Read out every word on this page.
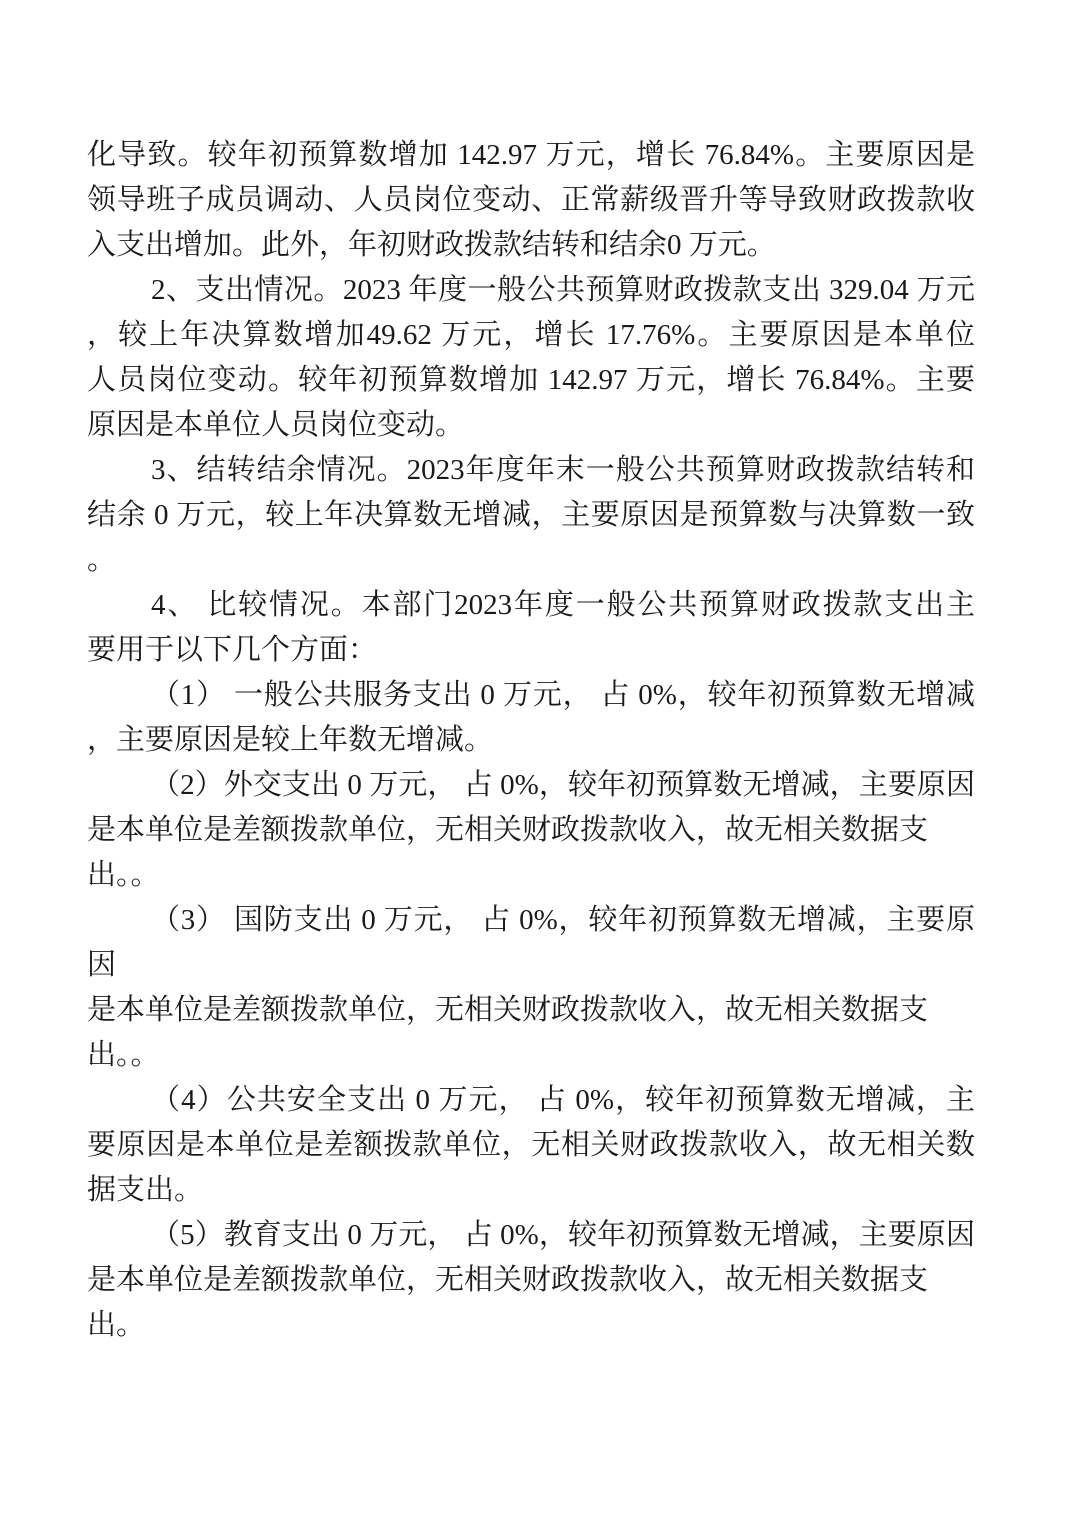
化导致。较年初预算数增加 142.97 万元，增长 76.84%。主要原因是

领导班子成员调动、人员岗位变动、正常薪级晋升等导致财政拨款收

入支出增加。此外，年初财政拨款结转和结余0 万元。

2、支出情况。2023 年度一般公共预算财政拨款支出 329.04 万元

，较上年决算数增加49.62 万元，增长 17.76%。主要原因是本单位

人员岗位变动。较年初预算数增加 142.97 万元，增长 76.84%。主要

原因是本单位人员岗位变动。

3、结转结余情况。2023年度年末一般公共预算财政拨款结转和

结余 0 万元，较上年决算数无增减，主要原因是预算数与决算数一致

。

4、 比较情况。本部门2023年度一般公共预算财政拨款支出主

要用于以下几个方面：

（1） 一般公共服务支出 0 万元， 占 0%，较年初预算数无增减

，主要原因是较上年数无增减。

（2）外交支出 0 万元， 占 0%，较年初预算数无增减，主要原因

是本单位是差额拨款单位，无相关财政拨款收入，故无相关数据支出。。

（3） 国防支出 0 万元， 占 0%，较年初预算数无增减，主要原因

是本单位是差额拨款单位，无相关财政拨款收入，故无相关数据支出。。

（4）公共安全支出 0 万元， 占 0%，较年初预算数无增减，主

要原因是本单位是差额拨款单位，无相关财政拨款收入，故无相关数

据支出。

（5）教育支出 0 万元， 占 0%，较年初预算数无增减，主要原因

是本单位是差额拨款单位，无相关财政拨款收入，故无相关数据支出。
